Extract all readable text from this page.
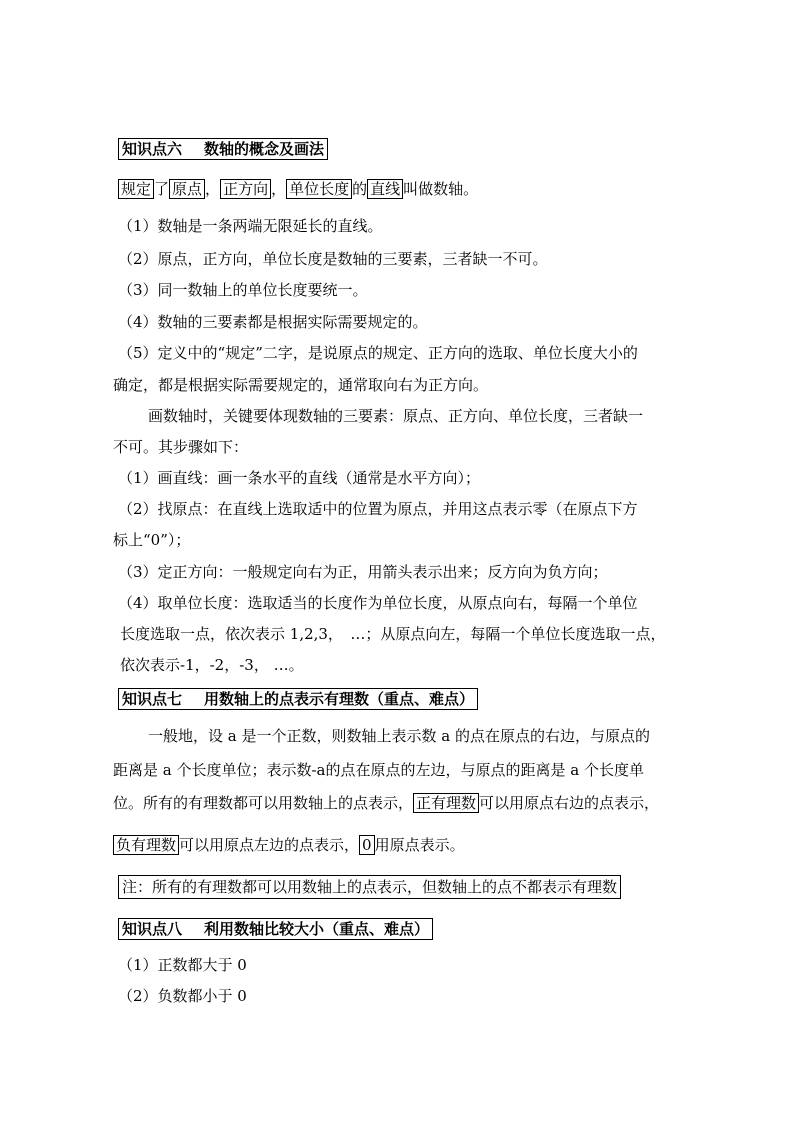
知识点六 数轴的概念及画法
规定 了 原点 ， 正方向 ， 单位长度 的 直线 叫做数轴。
（1）数轴是一条两端无限延长的直线。
（2）原点，正方向，单位长度是数轴的三要素，三者缺一不可。
（3）同一数轴上的单位长度要统一。
（4）数轴的三要素都是根据实际需要规定的。
（5）定义中的“规定”二字，是说原点的规定、正方向的选取、单位长度大小的
确定，都是根据实际需要规定的，通常取向右为正方向。
画数轴时，关键要体现数轴的三要素：原点、正方向、单位长度，三者缺一
不可。其步骤如下：
（1）画直线：画一条水平的直线（通常是水平方向）；
（2）找原点：在直线上选取适中的位置为原点，并用这点表示零（在原点下方
标上“0”）；
（3）定正方向：一般规定向右为正，用箭头表示出来；反方向为负方向；
（4）取单位长度：选取适当的长度作为单位长度，从原点向右，每隔一个单位
长度选取一点，依次表示 1,2,3，　…；从原点向左，每隔一个单位长度选取一点，
依次表示-1，-2，-3， …。
知识点七 用数轴上的点表示有理数（重点、难点）
一般地，设 a 是一个正数，则数轴上表示数 a 的点在原点的右边，与原点的
距离是 a 个长度单位；表示数-a的点在原点的左边，与原点的距离是 a 个长度单
位。所有的有理数都可以用数轴上的点表示， 正有理数 可以用原点右边的点表示，
负有理数 可以用原点左边的点表示， 0 用原点表示。
注：所有的有理数都可以用数轴上的点表示，但数轴上的点不都表示有理数
知识点八 利用数轴比较大小（重点、难点）
（1）正数都大于 0
（2）负数都小于 0
